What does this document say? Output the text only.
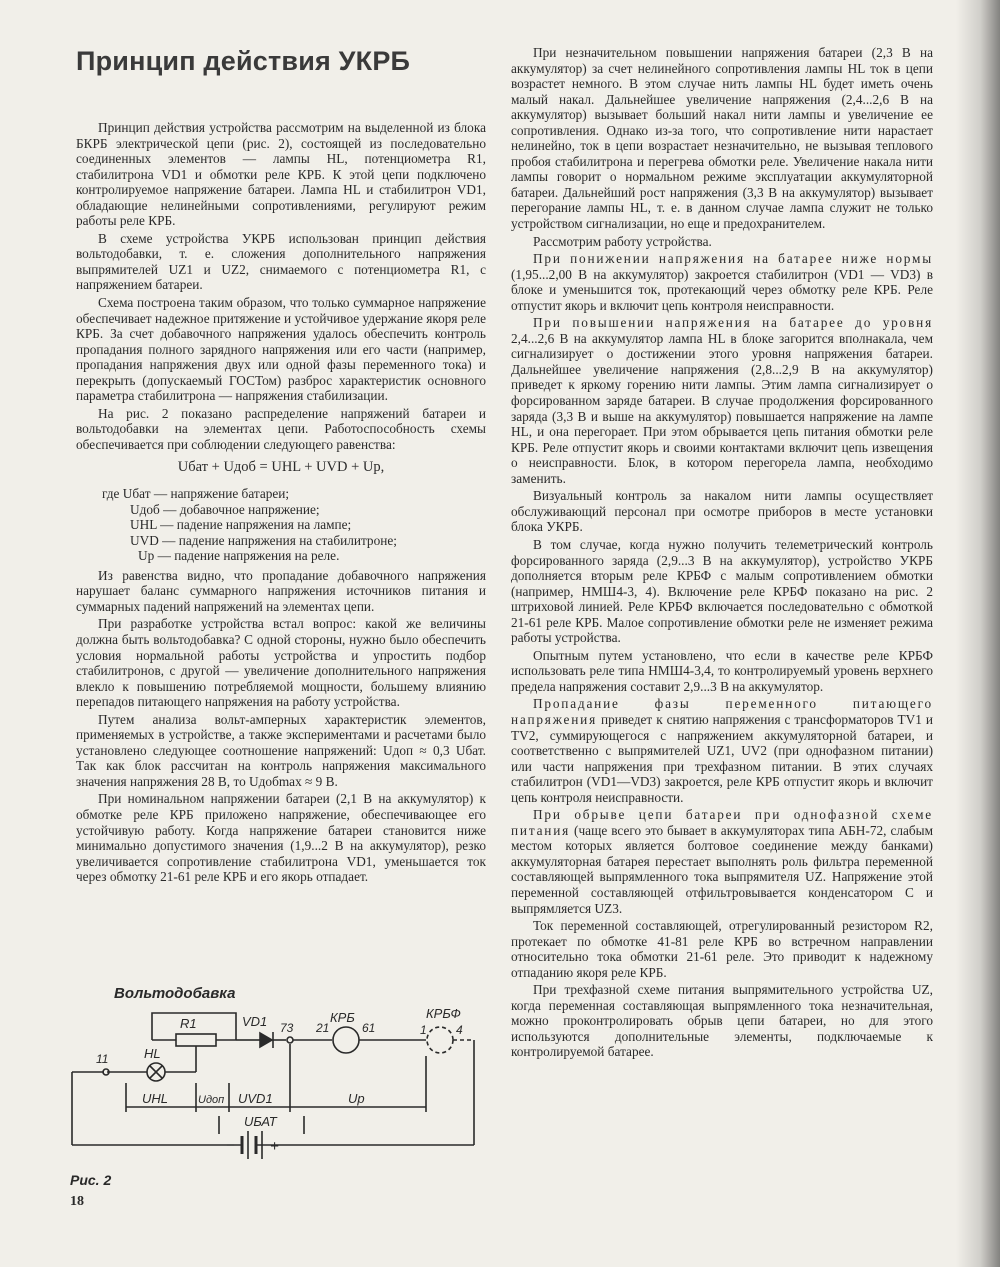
Принцип действия УКРБ

Принцип действия устройства рассмотрим на выделенной из блока БКРБ электрической цепи (рис. 2), состоящей из последовательно соединенных элементов — лампы HL, потенциометра R1, стабилитрона VD1 и обмотки реле КРБ. К этой цепи подключено контролируемое напряжение батареи. Лампа HL и стабилитрон VD1, обладающие нелинейными сопротивлениями, регулируют режим работы реле КРБ.

В схеме устройства УКРБ использован принцип действия вольтодобавки, т. е. сложения дополнительного напряжения выпрямителей UZ1 и UZ2, снимаемого с потенциометра R1, с напряжением батареи.

Схема построена таким образом, что только суммарное напряжение обеспечивает надежное притяжение и устойчивое удержание якоря реле КРБ. За счет добавочного напряжения удалось обеспечить контроль пропадания полного зарядного напряжения или его части (например, пропадания напряжения двух или одной фазы переменного тока) и перекрыть (допускаемый ГОСТом) разброс характеристик основного параметра стабилитрона — напряжения стабилизации.

На рис. 2 показано распределение напряжений батареи и вольтодобавки на элементах цепи. Работоспособность схемы обеспечивается при соблюдении следующего равенства:

Uбат + Uдоб = UHL + UVD + Uр,
где Uбат — напряжение батареи;
Uдоб — добавочное напряжение;
UHL — падение напряжения на лампе;
UVD — падение напряжения на стабилитроне;
Uр — падение напряжения на реле.

Из равенства видно, что пропадание добавочного напряжения нарушает баланс суммарного напряжения источников питания и суммарных падений напряжений на элементах цепи.

При разработке устройства встал вопрос: какой же величины должна быть вольтодобавка? С одной стороны, нужно было обеспечить условия нормальной работы устройства и упростить подбор стабилитронов, с другой — увеличение дополнительного напряжения влекло к повышению потребляемой мощности, большему влиянию перепадов питающего напряжения на работу устройства.

Путем анализа вольт-амперных характеристик элементов, применяемых в устройстве, а также экспериментами и расчетами было установлено следующее соотношение напряжений: Uдоп ≈ 0,3 Uбат. Так как блок рассчитан на контроль напряжения максимального значения напряжения 28 В, то Uдобmax ≈ 9 В.

При номинальном напряжении батареи (2,1 В на аккумулятор) к обмотке реле КРБ приложено напряжение, обеспечивающее его устойчивую работу. Когда напряжение батареи становится ниже минимально допустимого значения (1,9...2 В на аккумулятор), резко увеличивается сопротивление стабилитрона VD1, уменьшается ток через обмотку 21-61 реле КРБ и его якорь отпадает.

При незначительном повышении напряжения батареи (2,3 В на аккумулятор) за счет нелинейного сопротивления лампы HL ток в цепи возрастет немного. В этом случае нить лампы HL будет иметь очень малый накал. Дальнейшее увеличение напряжения (2,4...2,6 В на аккумулятор) вызывает больший накал нити лампы и увеличение ее сопротивления. Однако из-за того, что сопротивление нити нарастает нелинейно, ток в цепи возрастает незначительно, не вызывая теплового пробоя стабилитрона и перегрева обмотки реле. Увеличение накала нити лампы говорит о нормальном режиме эксплуатации аккумуляторной батареи. Дальнейший рост напряжения (3,3 В на аккумулятор) вызывает перегорание лампы HL, т. е. в данном случае лампа служит не только устройством сигнализации, но еще и предохранителем.

Рассмотрим работу устройства.

При понижении напряжения на батарее ниже нормы (1,95...2,00 В на аккумулятор) закроется стабилитрон (VD1 — VD3) в блоке и уменьшится ток, протекающий через обмотку реле КРБ. Реле отпустит якорь и включит цепь контроля неисправности.

При повышении напряжения на батарее до уровня 2,4...2,6 В на аккумулятор лампа HL в блоке загорится вполнакала, чем сигнализирует о достижении этого уровня напряжения батареи. Дальнейшее увеличение напряжения (2,8...2,9 В на аккумулятор) приведет к яркому горению нити лампы. Этим лампа сигнализирует о форсированном заряде батареи. В случае продолжения форсированного заряда (3,3 В и выше на аккумулятор) повышается напряжение на лампе HL, и она перегорает. При этом обрывается цепь питания обмотки реле КРБ. Реле отпустит якорь и своими контактами включит цепь извещения о неисправности. Блок, в котором перегорела лампа, необходимо заменить.

Визуальный контроль за накалом нити лампы осуществляет обслуживающий персонал при осмотре приборов в месте установки блока УКРБ.

В том случае, когда нужно получить телеметрический контроль форсированного заряда (2,9...3 В на аккумулятор), устройство УКРБ дополняется вторым реле КРБФ с малым сопротивлением обмотки (например, НМШ4-3, 4). Включение реле КРБФ показано на рис. 2 штриховой линией. Реле КРБФ включается последовательно с обмоткой 21-61 реле КРБ. Малое сопротивление обмотки реле не изменяет режима работы устройства.

Опытным путем установлено, что если в качестве реле КРБФ использовать реле типа НМШ4-3,4, то контролируемый уровень верхнего предела напряжения составит 2,9...3 В на аккумулятор.

Пропадание фазы переменного питающего напряжения приведет к снятию напряжения с трансформаторов TV1 и TV2, суммирующегося с напряжением аккумуляторной батареи, и соответственно с выпрямителей UZ1, UV2 (при однофазном питании) или части напряжения при трехфазном питании. В этих случаях стабилитрон (VD1—VD3) закроется, реле КРБ отпустит якорь и включит цепь контроля неисправности.

При обрыве цепи батареи при однофазной схеме питания (чаще всего это бывает в аккумуляторах типа АБН-72, слабым местом которых является болтовое соединение между банками) аккумуляторная батарея перестает выполнять роль фильтра переменной составляющей выпрямленного тока выпрямителя UZ. Напряжение этой переменной составляющей отфильтровывается конденсатором С и выпрямляется UZ3.

Ток переменной составляющей, отрегулированный резистором R2, протекает по обмотке 41-81 реле КРБ во встречном направлении относительно тока обмотки 21-61 реле. Это приводит к надежному отпаданию якоря реле КРБ.

При трехфазной схеме питания выпрямительного устройства UZ, когда переменная составляющая выпрямленного тока незначительная, можно проконтролировать обрыв цепи батареи, но для этого используются дополнительные элементы, подключаемые к контролируемой батарее.

Вольтодобавка
R1
HL
VD1 73 21
КРБ
61
КРБФ
1 4
11
UHL	Uдоп UVD1	Uр
UБАТ
− +
Рис. 2
18
